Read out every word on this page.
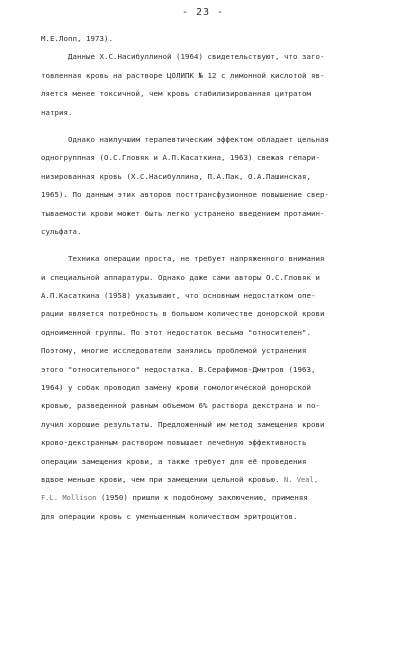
- 23 -
М.Е.Лопп, 1973).
Данные Х.С.Насибуллиной (1964) свидетельствуют, что заго-
товленная кровь на растворе ЦОЛИПК № 12 с лимонной кислотой яв-
ляется менее токсичной, чем кровь стабилизированная цитратом
натрия.
Однако наилучшим терапевтическим эффектом обладает цельная
одногруппная (О.С.Гловяк и А.П.Касаткина, 1963) свежая гепари-
низированная кровь (Х.С.Насибуллина, П.А.Пак, О.А.Пашинская,
1965). По данным этих авторов посттрансфузионное повышение свер-
тываемости крови может быть легко устранено введением протамин-
сульфата.
Техника операции проста, не требует напряженного внимания
и специальной аппаратуры. Однако даже сами авторы О.С.Гловяк и
А.П.Касаткина (1958) указывают, что основным недостатком опе-
рации является потребность в большом количестве донорской крови
одноименной группы. По этот недостаток весьма "относителен".
Поэтому, многие исследователи занялись проблемой устранения
этого "относительного" недостатка. В.Серафимов-Дмитров (1963,
1964) у собак проводил замену крови гомологической донорской
кровью, разведенной равным объемом 6% раствора декстрана и по-
лучил хорошие результаты. Предложенный им метод замещения крови
крово-декстранным раствором повышает лечебную эффективность
операции замещения крови, а также требует для её проведения
вдвое меньше крови, чем при замещении цельной кровью. N. Veal,
F.L. Mollison (1950) пришли к подобному заключению, применяя
для операции кровь с уменьшенным количеством эритроцитов.
